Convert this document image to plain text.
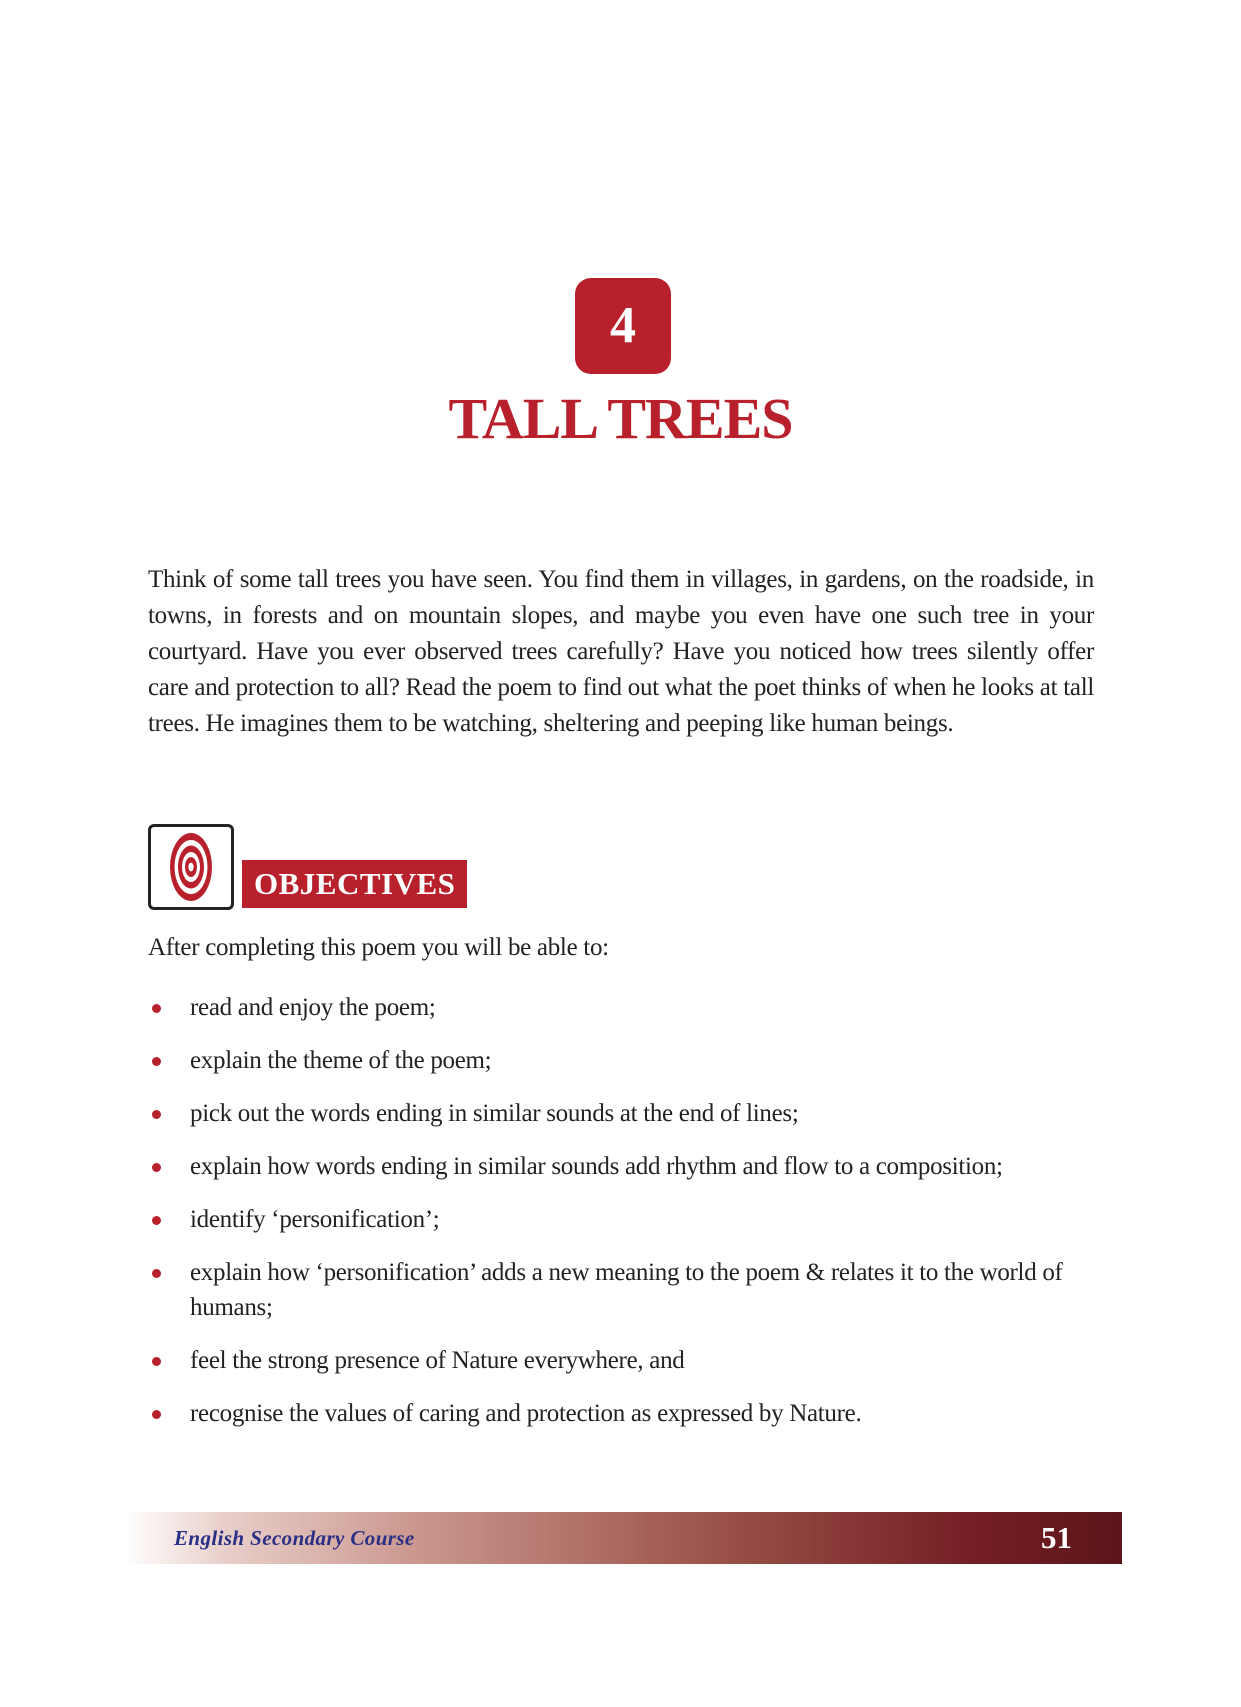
4
TALL TREES

Think of some tall trees you have seen. You find them in villages, in gardens, on the roadside, in towns, in forests and on mountain slopes, and maybe you even have one such tree in your courtyard. Have you ever observed trees carefully? Have you noticed how trees silently offer care and protection to all? Read the poem to find out what the poet thinks of when he looks at tall trees. He imagines them to be watching, sheltering and peeping like human beings.

OBJECTIVES

After completing this poem you will be able to:

read and enjoy the poem;
explain the theme of the poem;
pick out the words ending in similar sounds at the end of lines;
explain how words ending in similar sounds add rhythm and flow to a composition;
identify ‘personification’;
explain how ‘personification’ adds a new meaning to the poem & relates it to the world of humans;
feel the strong presence of Nature everywhere, and
recognise the values of caring and protection as expressed by Nature.
English Secondary Course	51
